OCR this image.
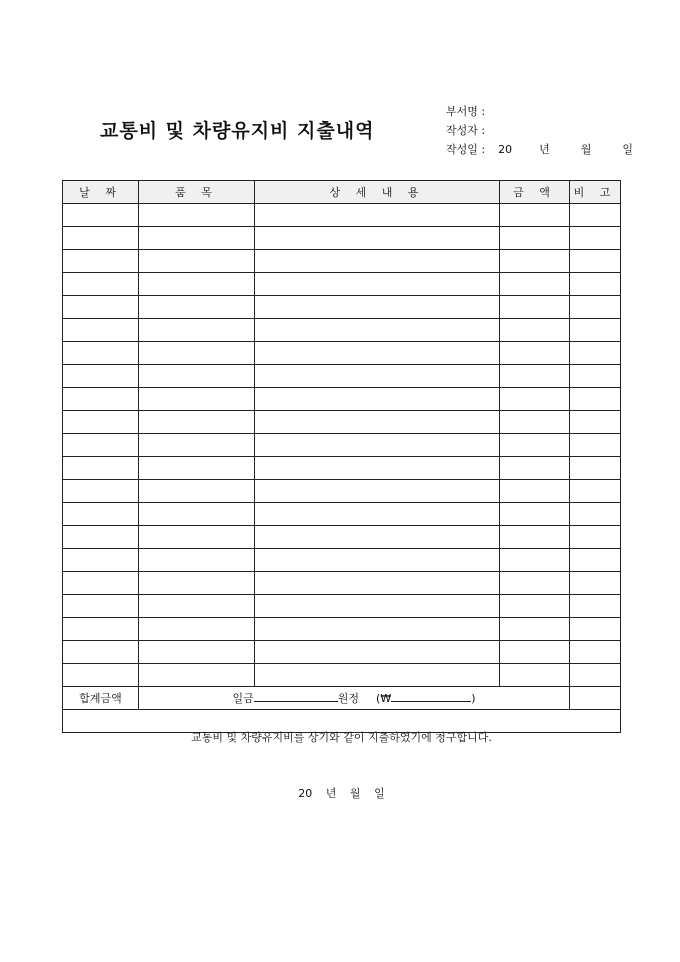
교통비 및 차량유지비 지출내역
부서명 :
작성자 :
작성일 : 20 년	월	일
날 짜	품 목	상 세 내 용	금 액	비 고

합계금액	일금 원정 (₩ )			

교통비 및 차량유지비를 상기와 같이 지출하였기에 청구합니다.
20 년 월 일				
